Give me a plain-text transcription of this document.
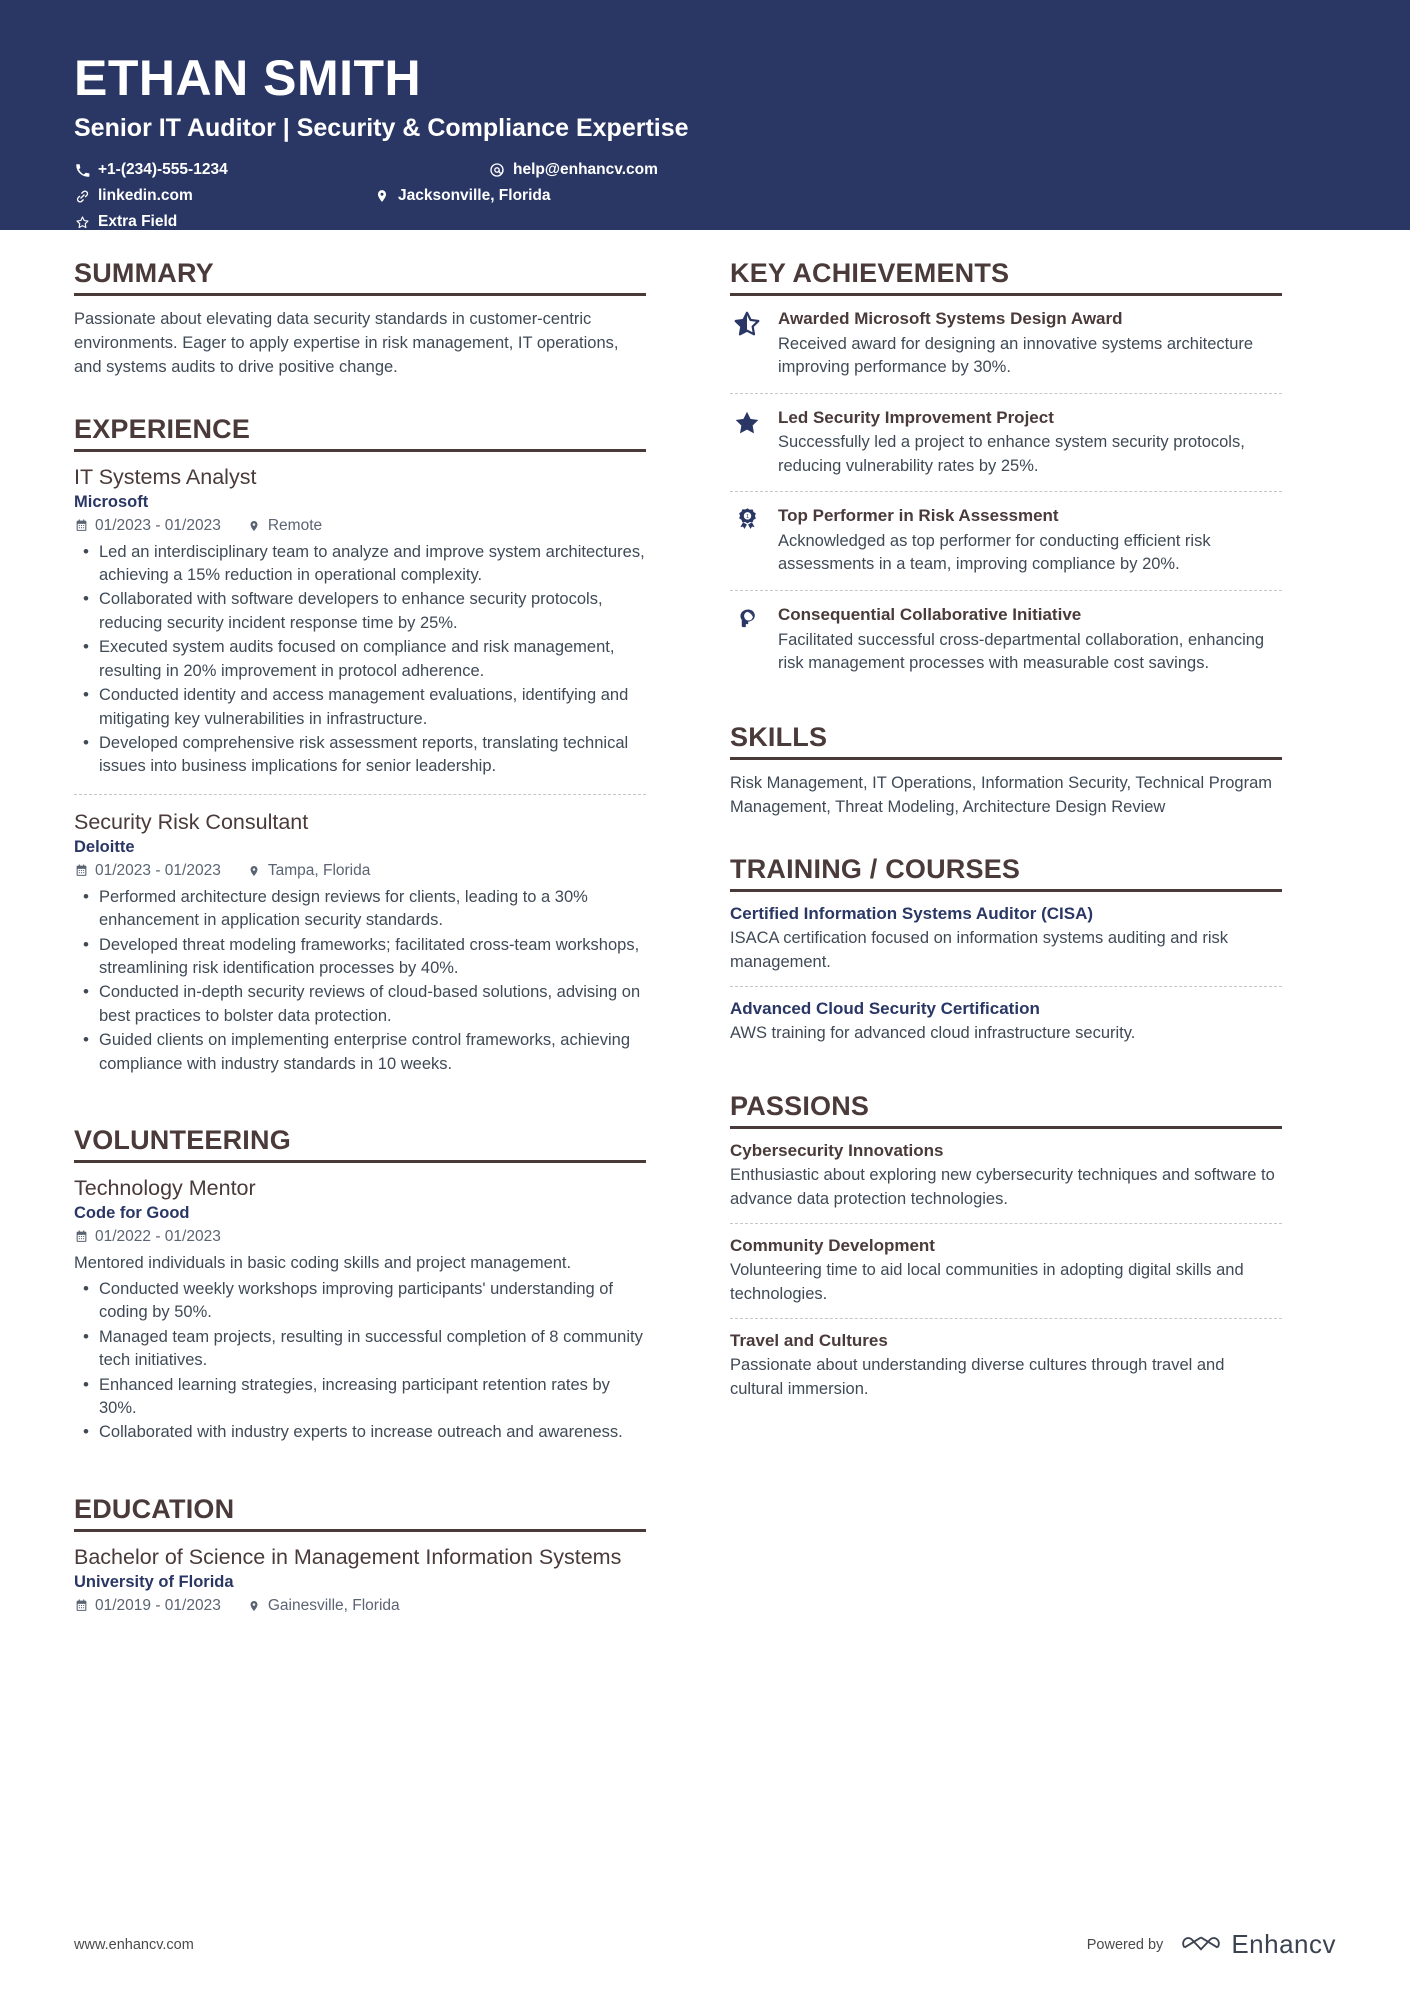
ETHAN SMITH
Senior IT Auditor | Security & Compliance Expertise
+1-(234)-555-1234	help@enhancv.com
linkedin.com	Jacksonville, Florida
Extra Field
SUMMARY
Passionate about elevating data security standards in customer-centric environments. Eager to apply expertise in risk management, IT operations, and systems audits to drive positive change.
EXPERIENCE
IT Systems Analyst
Microsoft
01/2023 - 01/2023	Remote
• Led an interdisciplinary team to analyze and improve system architectures, achieving a 15% reduction in operational complexity.
• Collaborated with software developers to enhance security protocols, reducing security incident response time by 25%.
• Executed system audits focused on compliance and risk management, resulting in 20% improvement in protocol adherence.
• Conducted identity and access management evaluations, identifying and mitigating key vulnerabilities in infrastructure.
• Developed comprehensive risk assessment reports, translating technical issues into business implications for senior leadership.
Security Risk Consultant
Deloitte
01/2023 - 01/2023	Tampa, Florida
• Performed architecture design reviews for clients, leading to a 30% enhancement in application security standards.
• Developed threat modeling frameworks; facilitated cross-team workshops, streamlining risk identification processes by 40%.
• Conducted in-depth security reviews of cloud-based solutions, advising on best practices to bolster data protection.
• Guided clients on implementing enterprise control frameworks, achieving compliance with industry standards in 10 weeks.
VOLUNTEERING
Technology Mentor
Code for Good
01/2022 - 01/2023
Mentored individuals in basic coding skills and project management.
• Conducted weekly workshops improving participants' understanding of coding by 50%.
• Managed team projects, resulting in successful completion of 8 community tech initiatives.
• Enhanced learning strategies, increasing participant retention rates by 30%.
• Collaborated with industry experts to increase outreach and awareness.
EDUCATION
Bachelor of Science in Management Information Systems
University of Florida
01/2019 - 01/2023	Gainesville, Florida
KEY ACHIEVEMENTS
Awarded Microsoft Systems Design Award
Received award for designing an innovative systems architecture improving performance by 30%.
Led Security Improvement Project
Successfully led a project to enhance system security protocols, reducing vulnerability rates by 25%.
1 Top Performer in Risk Assessment
Acknowledged as top performer for conducting efficient risk assessments in a team, improving compliance by 20%.
Consequential Collaborative Initiative
Facilitated successful cross-departmental collaboration, enhancing risk management processes with measurable cost savings.
SKILLS
Risk Management, IT Operations, Information Security, Technical Program Management, Threat Modeling, Architecture Design Review
TRAINING / COURSES
Certified Information Systems Auditor (CISA)
ISACA certification focused on information systems auditing and risk management.
Advanced Cloud Security Certification
AWS training for advanced cloud infrastructure security.
PASSIONS
Cybersecurity Innovations
Enthusiastic about exploring new cybersecurity techniques and software to advance data protection technologies.
Community Development
Volunteering time to aid local communities in adopting digital skills and technologies.
Travel and Cultures
Passionate about understanding diverse cultures through travel and cultural immersion.
www.enhancv.com	Powered by	Enhancv
